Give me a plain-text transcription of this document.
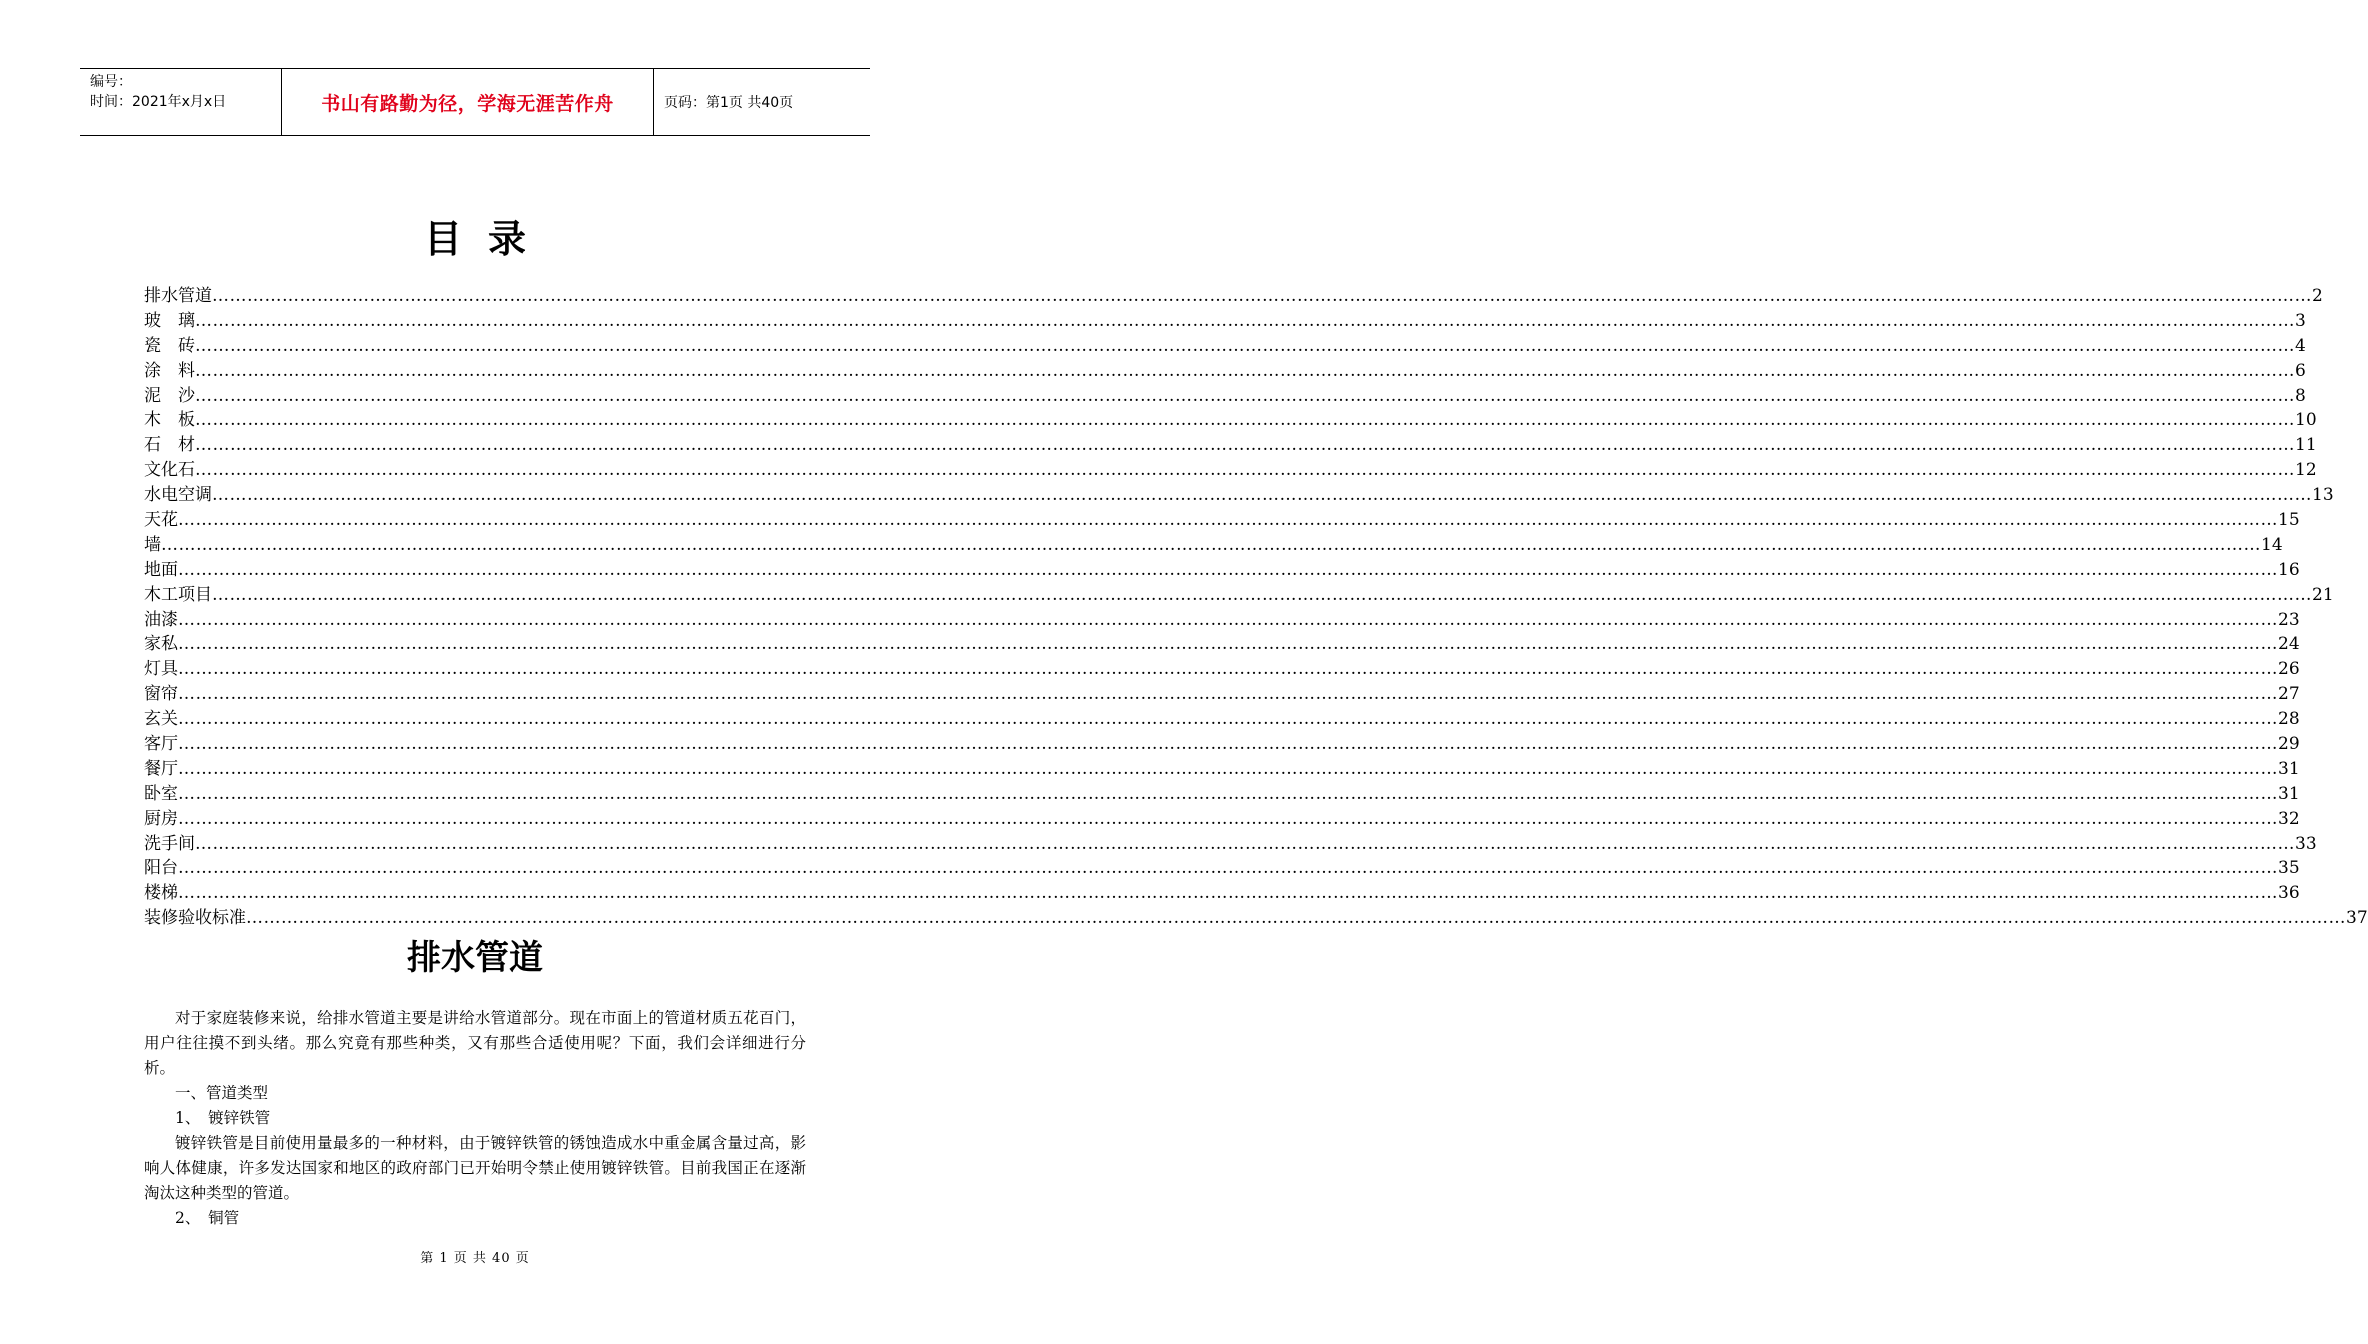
编号：
时间：2021年x月x日	书山有路勤为径，学海无涯苦作舟	页码：第1页 共40页
目录
排水管道 ……………………………………………………………………………………………………………………………………………………………………………………………………………………………………………………………………………………………………………………………… 2
玻　璃 ……………………………………………………………………………………………………………………………………………………………………………………………………………………………………………………………………………………………………………………………… 3
瓷　砖 ……………………………………………………………………………………………………………………………………………………………………………………………………………………………………………………………………………………………………………………………… 4
涂　料 ……………………………………………………………………………………………………………………………………………………………………………………………………………………………………………………………………………………………………………………………… 6
泥　沙 ……………………………………………………………………………………………………………………………………………………………………………………………………………………………………………………………………………………………………………………………… 8
木　板 ……………………………………………………………………………………………………………………………………………………………………………………………………………………………………………………………………………………………………………………………… 10
石　材 ……………………………………………………………………………………………………………………………………………………………………………………………………………………………………………………………………………………………………………………………… 11
文化石 ……………………………………………………………………………………………………………………………………………………………………………………………………………………………………………………………………………………………………………………………… 12
水电空调 ……………………………………………………………………………………………………………………………………………………………………………………………………………………………………………………………………………………………………………………………… 13
天花 ……………………………………………………………………………………………………………………………………………………………………………………………………………………………………………………………………………………………………………………………… 15
墙 ……………………………………………………………………………………………………………………………………………………………………………………………………………………………………………………………………………………………………………………………… 14
地面 ……………………………………………………………………………………………………………………………………………………………………………………………………………………………………………………………………………………………………………………………… 16
木工项目 ……………………………………………………………………………………………………………………………………………………………………………………………………………………………………………………………………………………………………………………………… 21
油漆 ……………………………………………………………………………………………………………………………………………………………………………………………………………………………………………………………………………………………………………………………… 23
家私 ……………………………………………………………………………………………………………………………………………………………………………………………………………………………………………………………………………………………………………………………… 24
灯具 ……………………………………………………………………………………………………………………………………………………………………………………………………………………………………………………………………………………………………………………………… 26
窗帘 ……………………………………………………………………………………………………………………………………………………………………………………………………………………………………………………………………………………………………………………………… 27
玄关 ……………………………………………………………………………………………………………………………………………………………………………………………………………………………………………………………………………………………………………………………… 28
客厅 ……………………………………………………………………………………………………………………………………………………………………………………………………………………………………………………………………………………………………………………………… 29
餐厅 ……………………………………………………………………………………………………………………………………………………………………………………………………………………………………………………………………………………………………………………………… 31
卧室 ……………………………………………………………………………………………………………………………………………………………………………………………………………………………………………………………………………………………………………………………… 31
厨房 ……………………………………………………………………………………………………………………………………………………………………………………………………………………………………………………………………………………………………………………………… 32
洗手间 ……………………………………………………………………………………………………………………………………………………………………………………………………………………………………………………………………………………………………………………………… 33
阳台 ……………………………………………………………………………………………………………………………………………………………………………………………………………………………………………………………………………………………………………………………… 35
楼梯 ……………………………………………………………………………………………………………………………………………………………………………………………………………………………………………………………………………………………………………………………… 36
装修验收标准 ……………………………………………………………………………………………………………………………………………………………………………………………………………………………………………………………………………………………………………………………… 37
排水管道

对于家庭装修来说，给排水管道主要是讲给水管道部分。现在市面上的管道材质五花百门，用户往往摸不到头绪。那么究竟有那些种类，又有那些合适使用呢？下面，我们会详细进行分析。

一、管道类型

1、　镀锌铁管

镀锌铁管是目前使用量最多的一种材料，由于镀锌铁管的锈蚀造成水中重金属含量过高，影响人体健康，许多发达国家和地区的政府部门已开始明令禁止使用镀锌铁管。目前我国正在逐渐淘汰这种类型的管道。

2、　铜管

第 1 页 共 40 页
